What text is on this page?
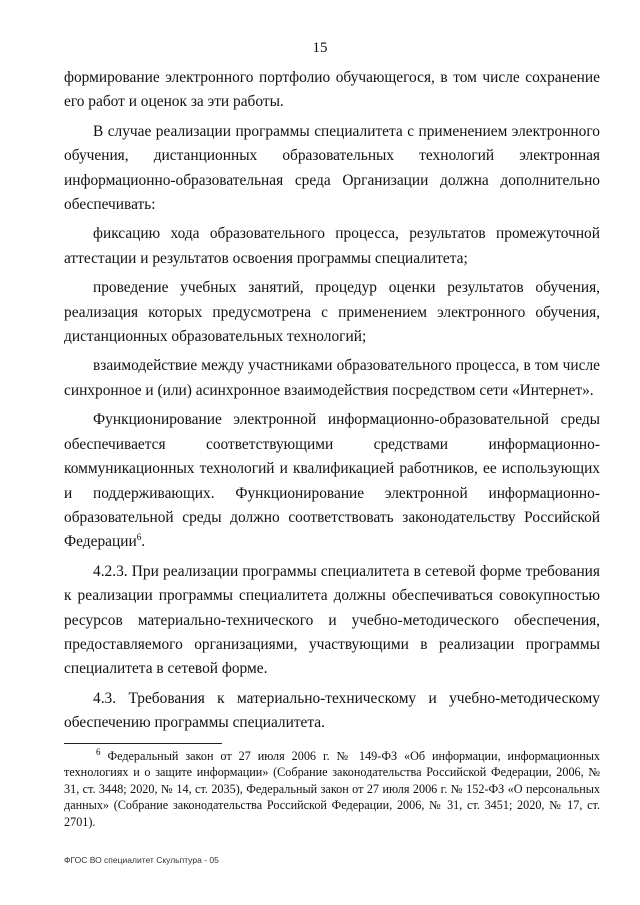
15

формирование электронного портфолио обучающегося, в том числе сохранение его работ и оценок за эти работы.

В случае реализации программы специалитета с применением электронного обучения, дистанционных образовательных технологий электронная информационно-образовательная среда Организации должна дополнительно обеспечивать:

фиксацию хода образовательного процесса, результатов промежуточной аттестации и результатов освоения программы специалитета;

проведение учебных занятий, процедур оценки результатов обучения, реализация которых предусмотрена с применением электронного обучения, дистанционных образовательных технологий;

взаимодействие между участниками образовательного процесса, в том числе синхронное и (или) асинхронное взаимодействия посредством сети «Интернет».

Функционирование электронной информационно-образовательной среды обеспечивается соответствующими средствами информационно-коммуникационных технологий и квалификацией работников, ее использующих и поддерживающих. Функционирование электронной информационно-образовательной среды должно соответствовать законодательству Российской Федерации$^6$.

4.2.3. При реализации программы специалитета в сетевой форме требования к реализации программы специалитета должны обеспечиваться совокупностью ресурсов материально-технического и учебно-методического обеспечения, предоставляемого организациями, участвующими в реализации программы специалитета в сетевой форме.

4.3. Требования к материально-техническому и учебно-методическому обеспечению программы специалитета.

$^6$ Федеральный закон от 27 июля 2006 г. № 149-ФЗ «Об информации, информационных технологиях и о защите информации» (Собрание законодательства Российской Федерации, 2006, № 31, ст. 3448; 2020, № 14, ст. 2035), Федеральный закон от 27 июля 2006 г. № 152-ФЗ «О персональных данных» (Собрание законодательства Российской Федерации, 2006, № 31, ст. 3451; 2020, № 17, ст. 2701).

ФГОС ВО специалитет Скульптура - 05
